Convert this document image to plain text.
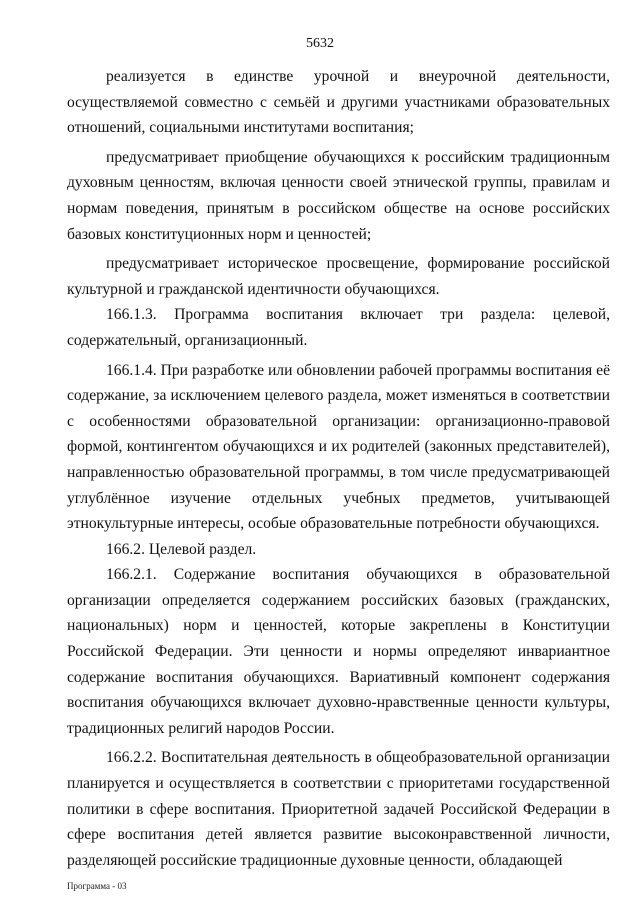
5632

реализуется в единстве урочной и внеурочной деятельности, осуществляемой совместно с семьёй и другими участниками образовательных отношений, социальными институтами воспитания;

предусматривает приобщение обучающихся к российским традиционным духовным ценностям, включая ценности своей этнической группы, правилам и нормам поведения, принятым в российском обществе на основе российских базовых конституционных норм и ценностей;

предусматривает историческое просвещение, формирование российской культурной и гражданской идентичности обучающихся.

166.1.3. Программа воспитания включает три раздела: целевой, содержательный, организационный.

166.1.4. При разработке или обновлении рабочей программы воспитания её содержание, за исключением целевого раздела, может изменяться в соответствии с особенностями образовательной организации: организационно-правовой формой, контингентом обучающихся и их родителей (законных представителей), направленностью образовательной программы, в том числе предусматривающей углублённое изучение отдельных учебных предметов, учитывающей этнокультурные интересы, особые образовательные потребности обучающихся.

166.2. Целевой раздел.

166.2.1. Содержание воспитания обучающихся в образовательной организации определяется содержанием российских базовых (гражданских, национальных) норм и ценностей, которые закреплены в Конституции Российской Федерации. Эти ценности и нормы определяют инвариантное содержание воспитания обучающихся. Вариативный компонент содержания воспитания обучающихся включает духовно-нравственные ценности культуры, традиционных религий народов России.

166.2.2. Воспитательная деятельность в общеобразовательной организации планируется и осуществляется в соответствии с приоритетами государственной политики в сфере воспитания. Приоритетной задачей Российской Федерации в сфере воспитания детей является развитие высоконравственной личности, разделяющей российские традиционные духовные ценности, обладающей

Программа - 03
